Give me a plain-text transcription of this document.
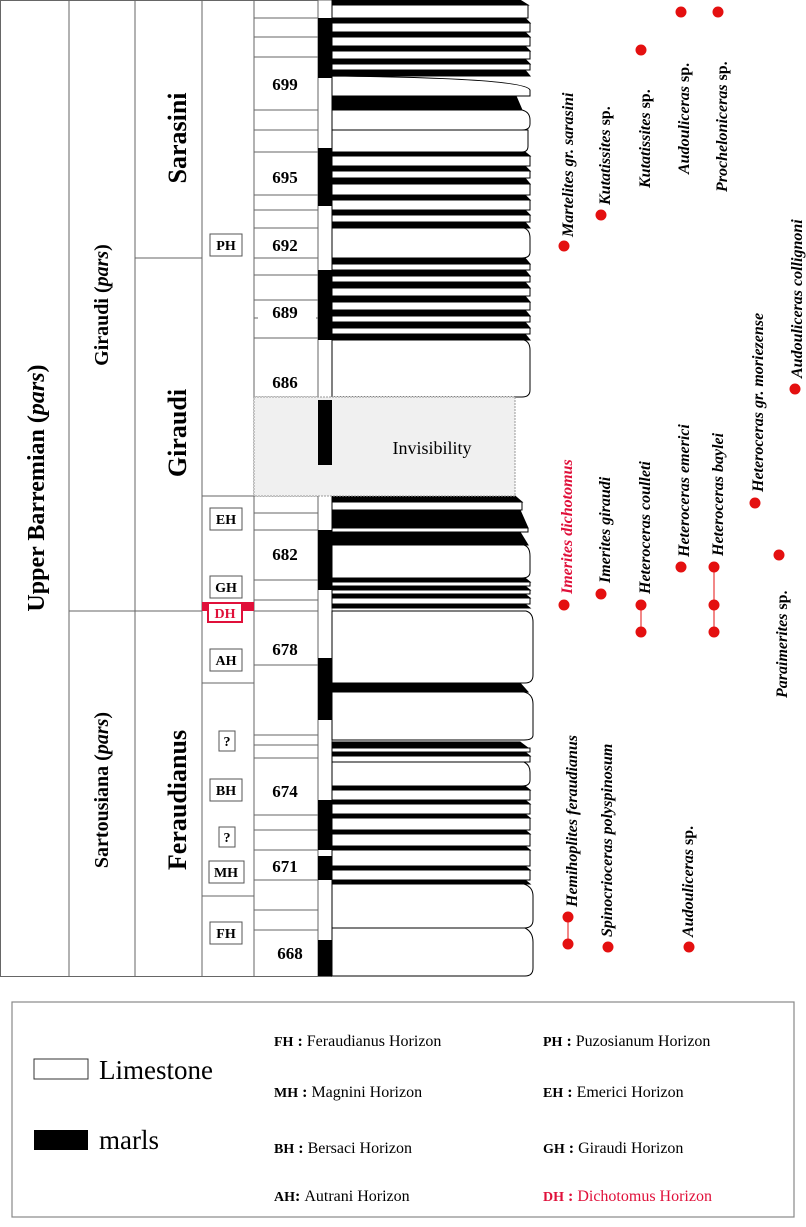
Invisibility
Upper Barremian (pars)
Giraudi (pars)
Sartousiana (pars)
Sarasini
Giraudi
Feraudianus
PH
EH
GH
DH
AH
?
BH
?
MH
FH
699
695
692
689
686
682
678
674
671
668
Martelites gr. sarasini Kutatissites sp. Kutatissites sp. Audouliceras sp.
Procheloniceras sp.
Audouliceras collignoni
Heteroceras gr. moriezense
Heteroceras baylei
Heteroceras emerici
Heteroceras coulleti
Imerites giraudi
Imerites dichotomus
Paraimerites sp.
Hemihoplites feraudianus
Spinocrioceras polyspinosum
Audouliceras sp.
Limestone
marls
FH : Feraudianus Horizon
MH : Magnini Horizon
BH : Bersaci Horizon
AH: Autrani Horizon
PH : Puzosianum Horizon
EH : Emerici Horizon
GH : Giraudi Horizon
DH : Dichotomus Horizon
